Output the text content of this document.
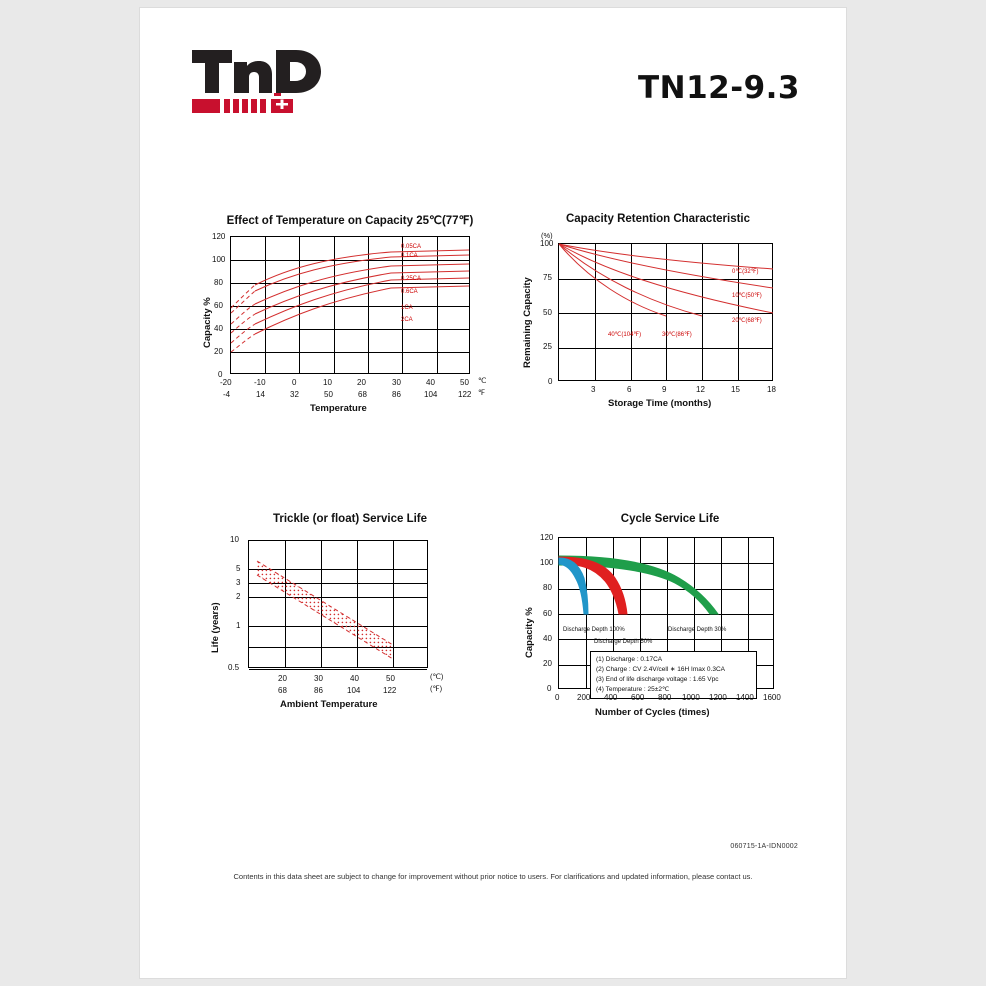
TN12-9.3
Effect of Temperature on Capacity 25℃(77℉)
Capacity %
120
100
80
60
40
20
0
0.05CA
0.1CA
0.25CA
0.6CA
1CA
2CA
-20	-10	0	10	20	30	40	50 ℃
-4	14	32	50	68	86	104	122 ℉
Temperature
Capacity Retention Characteristic
Remaining Capacity
(%)
100
75
50
25
0
0℃(32℉)
10℃(50℉)
20℃(68℉)
30℃(86℉)
40℃(104℉)
3	6	9	12	15	18
Storage Time (months)
Trickle (or float) Service Life
Life (years)
10
5
3
2
1
0.5
20	30	40	50	(℃)
68	86	104	122	(℉)
Ambient Temperature
Cycle Service Life
Capacity %
120
100
80
60
40
20
0
Discharge Depth 100%
Discharge Depth 50%
Discharge Depth 30%
(1) Discharge : 0.17CA
(2) Charge : CV 2.4V/cell ∗ 16H Imax 0.3CA
(3) End of life discharge voltage : 1.65 Vpc
(4) Temperature : 25±2℃
0 200 400 600 800 1000 1200 1400 1600
Number of Cycles (times)
060715-1A-IDN0002
Contents in this data sheet are subject to change for improvement without prior notice to users. For clarifications and updated information, please contact us.
